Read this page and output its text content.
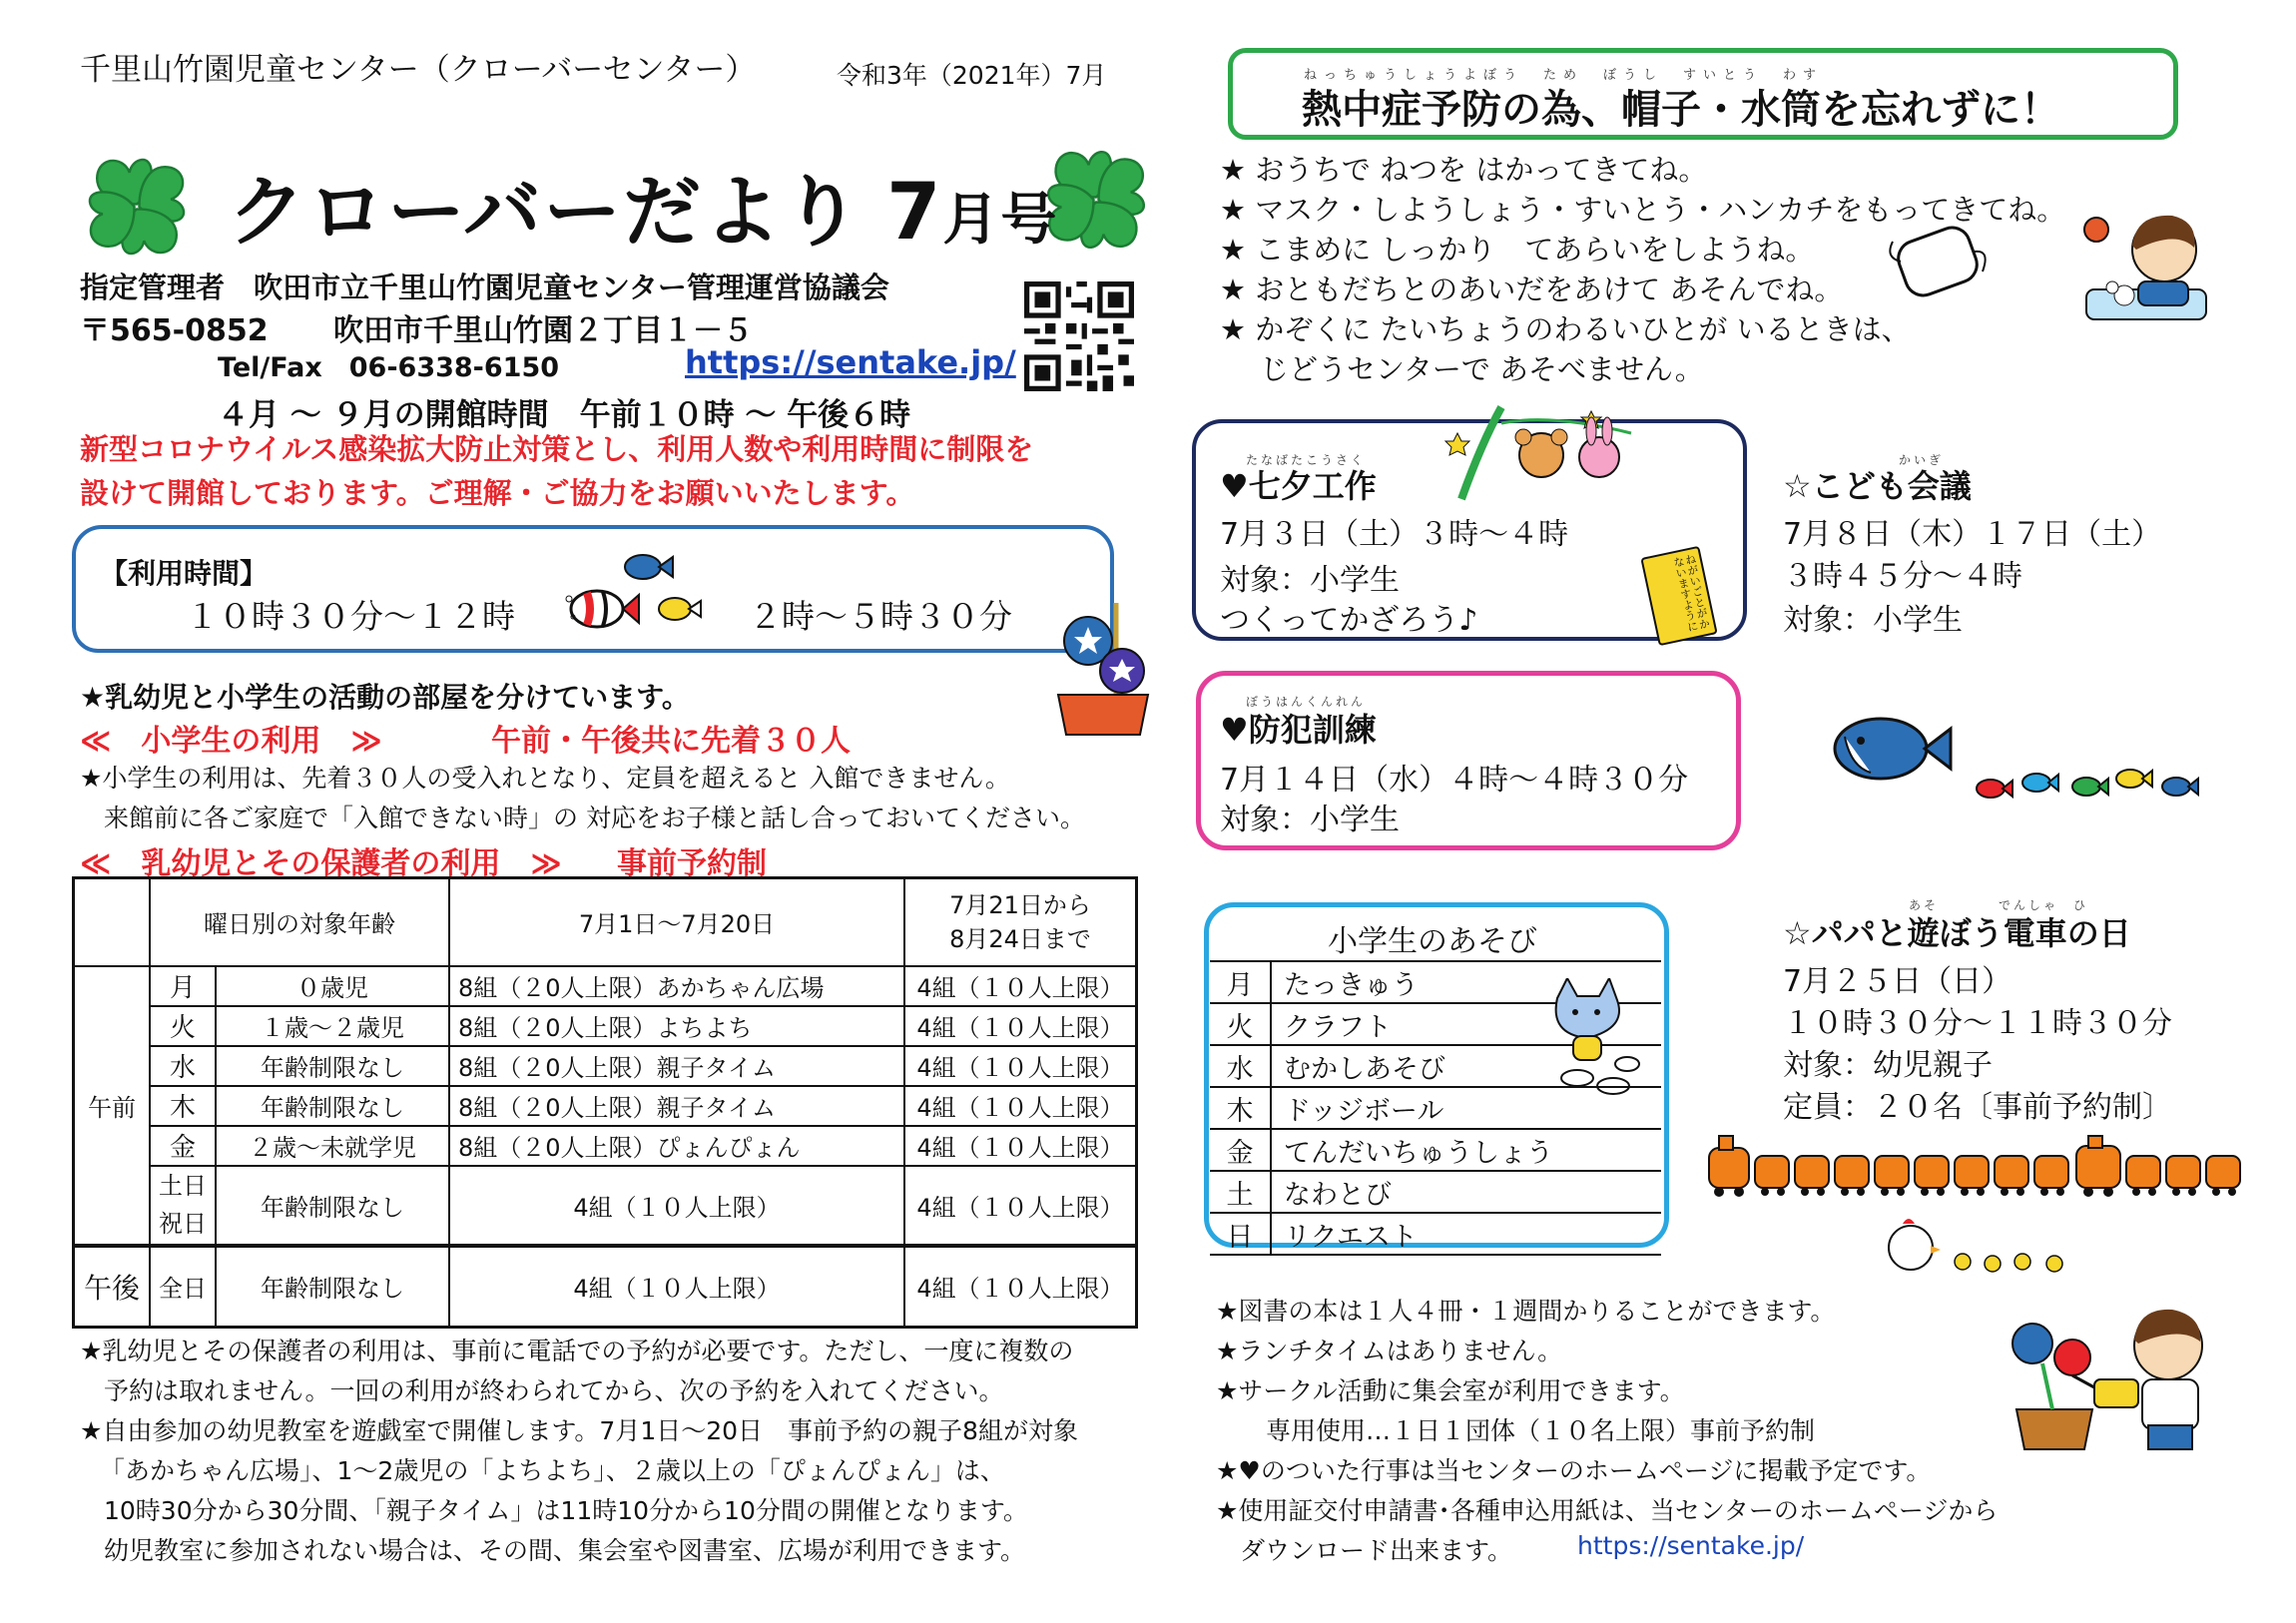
千里山竹園児童センター（クローバーセンター）	令和3年（2021年）7月
クローバーだより 7月号
指定管理者　吹田市立千里山竹園児童センター管理運営協議会
〒565-0852 吹田市千里山竹園２丁目１－５
Tel/Fax　06-6338-6150	https://sentake.jp/
４月 ～ ９月の開館時間　午前１０時 ～ 午後６時
新型コロナウイルス感染拡大防止対策とし、利用人数や利用時間に制限を
設けて開館しております。ご理解・ご協力をお願いいたします。
【利用時間】
１０時３０分～１２時	２時～５時３０分
★乳幼児と小学生の活動の部屋を分けています。
≪　小学生の利用　≫	午前・午後共に先着３０人
★小学生の利用は、先着３０人の受入れとなり、定員を超えると 入館できません。
来館前に各ご家庭で「入館できない時」の 対応をお子様と話し合っておいてください。
≪　乳幼児とその保護者の利用　≫ 事前予約制
	曜日別の対象年齢		7月1日～7月20日	7月21日から
8月24日まで
午前	月	０歳児	8組（２0人上限）あかちゃん広場	4組（１０人上限）
	火	１歳～２歳児	8組（２0人上限）よちよち	4組（１０人上限）
	水	年齢制限なし	8組（２0人上限）親子タイム	4組（１０人上限）
	木	年齢制限なし	8組（２0人上限）親子タイム	4組（１０人上限）
	金	２歳～未就学児	8組（２0人上限）ぴょんぴょん	4組（１０人上限）
	土日
祝日	年齢制限なし	4組（１０人上限）	4組（１０人上限）
午後	全日	年齢制限なし	4組（１０人上限）	4組（１０人上限）
★乳幼児とその保護者の利用は、事前に電話での予約が必要です。ただし、一度に複数の
予約は取れません。一回の利用が終わられてから、次の予約を入れてください。
★自由参加の幼児教室を遊戯室で開催します。7月1日～20日　事前予約の親子8組が対象
「あかちゃん広場」、1～2歳児の「よちよち」、２歳以上の「ぴょんぴょん」は、
10時30分から30分間、「親子タイム」は11時10分から10分間の開催となります。
幼児教室に参加されない場合は、その間、集会室や図書室、広場が利用できます。
ねっちゅうしょうよぼう　ため　ぼうし　すいとう　わす
熱中症予防の為、帽子・水筒を忘れずに！
★ おうちで ねつを はかってきてね。
★ マスク・しようしょう・すいとう・ハンカチをもってきてね。
★ こまめに しっかり　てあらいをしようね。
★ おともだちとのあいだをあけて あそんでね。
★ かぞくに たいちょうのわるいひとが いるときは、
じどうセンターで あそべません。
たなばたこうさく
♥七夕工作
7月３日（土）３時～４時
対象：小学生
つくってかざろう♪	ねがいごとがかないますように
かいぎ
☆こども会議
7月８日（木）１７日（土）
３時４５分～４時
対象：小学生
ぼうはんくんれん
♥防犯訓練
7月１４日（水）４時～４時３０分
対象：小学生
小学生のあそび
月	たっきゅう
火	クラフト
水	むかしあそび
木	ドッジボール
金	てんだいちゅうしょう
土	なわとび
日	リクエスト
あそ　　　　でんしゃ　ひ
☆パパと遊ぼう電車の日
7月２５日（日）
１０時３０分～１１時３０分
対象：幼児親子
定員：２０名〔事前予約制〕
★図書の本は１人４冊・１週間かりることができます。
★ランチタイムはありません。
★サークル活動に集会室が利用できます。
専用使用…１日１団体（１０名上限）事前予約制
★♥のついた行事は当センターのホームページに掲載予定です。
★使用証交付申請書･各種申込用紙は、当センターのホームページから
ダウンロード出来ます。	https://sentake.jp/
